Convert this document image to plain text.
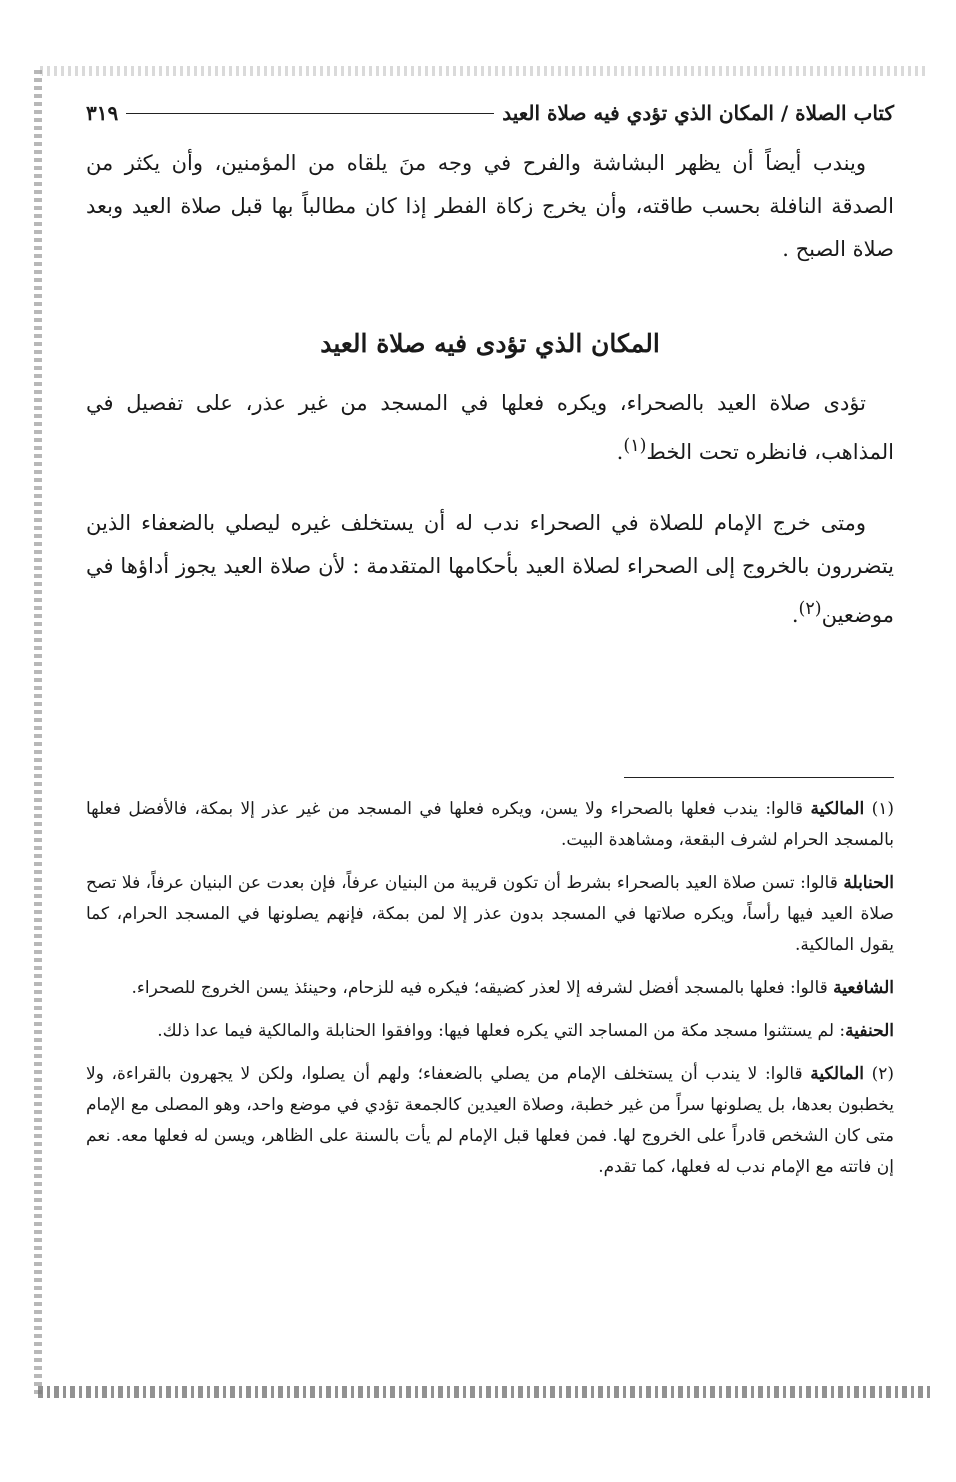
كتاب الصلاة / المكان الذي تؤدي فيه صلاة العيد
٣١٩

ويندب أيضاً أن يظهر البشاشة والفرح في وجه منَ يلقاه من المؤمنين، وأن يكثر من الصدقة النافلة بحسب طاقته، وأن يخرج زكاة الفطر إذا كان مطالباً بها قبل صلاة العيد وبعد صلاة الصبح .

المكان الذي تؤدى فيه صلاة العيد

تؤدى صلاة العيد بالصحراء، ويكره فعلها في المسجد من غير عذر، على تفصيل في المذاهب، فانظره تحت الخط$^{(١)}$.

ومتى خرج الإمام للصلاة في الصحراء ندب له أن يستخلف غيره ليصلي بالضعفاء الذين يتضررون بالخروج إلى الصحراء لصلاة العيد بأحكامها المتقدمة : لأن صلاة العيد يجوز أداؤها في موضعين$^{(٢)}$.

(١) المالكية قالوا: يندب فعلها بالصحراء ولا يسن، ويكره فعلها في المسجد من غير عذر إلا بمكة، فالأفضل فعلها بالمسجد الحرام لشرف البقعة، ومشاهدة البيت.

الحنابلة قالوا: تسن صلاة العيد بالصحراء بشرط أن تكون قريبة من البنيان عرفاً، فإن بعدت عن البنيان عرفاً، فلا تصح صلاة العيد فيها رأساً، ويكره صلاتها في المسجد بدون عذر إلا لمن بمكة، فإنهم يصلونها في المسجد الحرام، كما يقول المالكية.

الشافعية قالوا: فعلها بالمسجد أفضل لشرفه إلا لعذر كضيقه؛ فيكره فيه للزحام، وحينئذ يسن الخروج للصحراء.

الحنفية: لم يستثنوا مسجد مكة من المساجد التي يكره فعلها فيها: ووافقوا الحنابلة والمالكية فيما عدا ذلك.

(٢) المالكية قالوا: لا يندب أن يستخلف الإمام من يصلي بالضعفاء؛ ولهم أن يصلوا، ولكن لا يجهرون بالقراءة، ولا يخطبون بعدها، بل يصلونها سراً من غير خطبة، وصلاة العيدين كالجمعة تؤدي في موضع واحد، وهو المصلى مع الإمام متى كان الشخص قادراً على الخروج لها. فمن فعلها قبل الإمام لم يأت بالسنة على الظاهر، ويسن له فعلها معه. نعم إن فاتته مع الإمام ندب له فعلها، كما تقدم.
